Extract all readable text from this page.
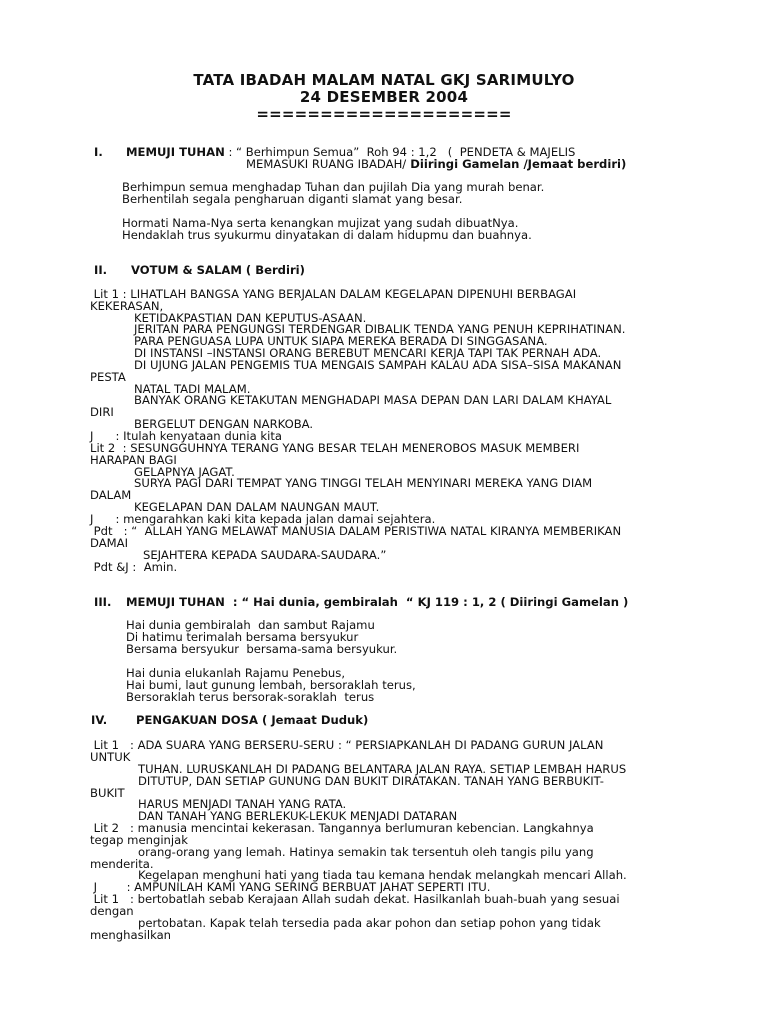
TATA IBADAH MALAM NATAL GKJ SARIMULYO
24 DESEMBER 2004
====================
I. MEMUJI TUHAN : “ Berhimpun Semua”  Roh 94 : 1,2   (  PENDETA & MAJELIS
MEMASUKI RUANG IBADAH/ Diiringi Gamelan /Jemaat berdiri)
Berhimpun semua menghadap Tuhan dan pujilah Dia yang murah benar.
Berhentilah segala pengharuan diganti slamat yang besar.
Hormati Nama-Nya serta kenangkan mujizat yang sudah dibuatNya.
Hendaklah trus syukurmu dinyatakan di dalam hidupmu dan buahnya.
II. VOTUM & SALAM ( Berdiri)
Lit 1 : LIHATLAH BANGSA YANG BERJALAN DALAM KEGELAPAN DIPENUHI BERBAGAI
KEKERASAN,
KETIDAKPASTIAN DAN KEPUTUS-ASAAN.
JERITAN PARA PENGUNGSI TERDENGAR DIBALIK TENDA YANG PENUH KEPRIHATINAN.
PARA PENGUASA LUPA UNTUK SIAPA MEREKA BERADA DI SINGGASANA.
DI INSTANSI –INSTANSI ORANG BEREBUT MENCARI KERJA TAPI TAK PERNAH ADA.
DI UJUNG JALAN PENGEMIS TUA MENGAIS SAMPAH KALAU ADA SISA–SISA MAKANAN
PESTA
NATAL TADI MALAM.
BANYAK ORANG KETAKUTAN MENGHADAPI MASA DEPAN DAN LARI DALAM KHAYAL
DIRI
BERGELUT DENGAN NARKOBA.
J      : Itulah kenyataan dunia kita
Lit 2  : SESUNGGUHNYA TERANG YANG BESAR TELAH MENEROBOS MASUK MEMBERI
HARAPAN BAGI
GELAPNYA JAGAT.
SURYA PAGI DARI TEMPAT YANG TINGGI TELAH MENYINARI MEREKA YANG DIAM
DALAM
KEGELAPAN DAN DALAM NAUNGAN MAUT.
J      : mengarahkan kaki kita kepada jalan damai sejahtera.
Pdt   : “  ALLAH YANG MELAWAT MANUSIA DALAM PERISTIWA NATAL KIRANYA MEMBERIKAN
DAMAI
SEJAHTERA KEPADA SAUDARA-SAUDARA.”
Pdt &J :  Amin.
III. MEMUJI TUHAN  : “ Hai dunia, gembiralah  “ KJ 119 : 1, 2 ( Diiringi Gamelan )
Hai dunia gembiralah  dan sambut Rajamu
Di hatimu terimalah bersama bersyukur
Bersama bersyukur  bersama-sama bersyukur.
Hai dunia elukanlah Rajamu Penebus,
Hai bumi, laut gunung lembah, bersoraklah terus,
Bersoraklah terus bersorak-soraklah  terus
IV. PENGAKUAN DOSA ( Jemaat Duduk)
Lit 1   : ADA SUARA YANG BERSERU-SERU : “ PERSIAPKANLAH DI PADANG GURUN JALAN
UNTUK
TUHAN. LURUSKANLAH DI PADANG BELANTARA JALAN RAYA. SETIAP LEMBAH HARUS
DITUTUP, DAN SETIAP GUNUNG DAN BUKIT DIRATAKAN. TANAH YANG BERBUKIT-
BUKIT
HARUS MENJADI TANAH YANG RATA.
DAN TANAH YANG BERLEKUK-LEKUK MENJADI DATARAN
Lit 2   : manusia mencintai kekerasan. Tangannya berlumuran kebencian. Langkahnya
tegap menginjak
orang-orang yang lemah. Hatinya semakin tak tersentuh oleh tangis pilu yang
menderita.
Kegelapan menghuni hati yang tiada tau kemana hendak melangkah mencari Allah.
J        : AMPUNILAH KAMI YANG SERING BERBUAT JAHAT SEPERTI ITU.
Lit 1   : bertobatlah sebab Kerajaan Allah sudah dekat. Hasilkanlah buah-buah yang sesuai
dengan
pertobatan. Kapak telah tersedia pada akar pohon dan setiap pohon yang tidak
menghasilkan
